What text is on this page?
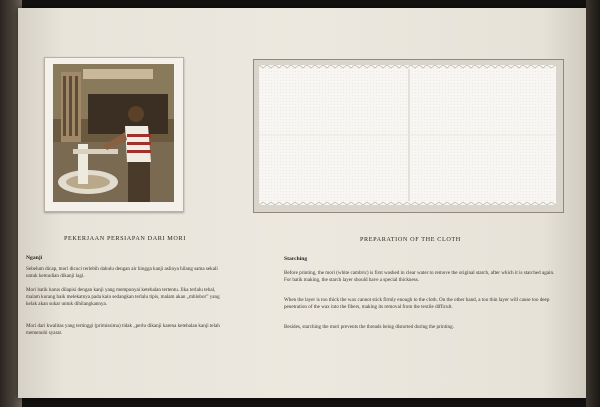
PEKERJAAN PERSIAPAN DARI MORI
Nganji
Sebelum dicap, mori dicuci terlebih dahulu dengan air hingga kanji aslinya hilang sama sekali untuk kemudian dikanji lagi.
Mori batik harus dilapisi dengan kanji yang mempunyai ketebalan tertentu. Jika terlalu tebal, malam kurang baik melekatnya pada kain sedangkan terlalu tipis, malam akan „mblobor” yang kelak akan sukar untuk dihilangkannya.
Mori dari kwalitas yang tertinggi (primissima) tidak „perlu dikanji karena ketebalan kanji telah memenuhi syarat.
PREPARATION OF THE CLOTH
Starching
Before printing, the mori (white cambric) is first washed in clear water to remove the original starch, after which it is starched again. For batik making, the starch layer should have a special thickness.
When the layer is too thick the wax cannot stick firmly enough to the cloth. On the other hand, a too thin layer will cause too deep penetration of the wax into the fibers, making its removal from the textile difficult.
Besides, starching the mori prevents the threads being distorted during the printing.
